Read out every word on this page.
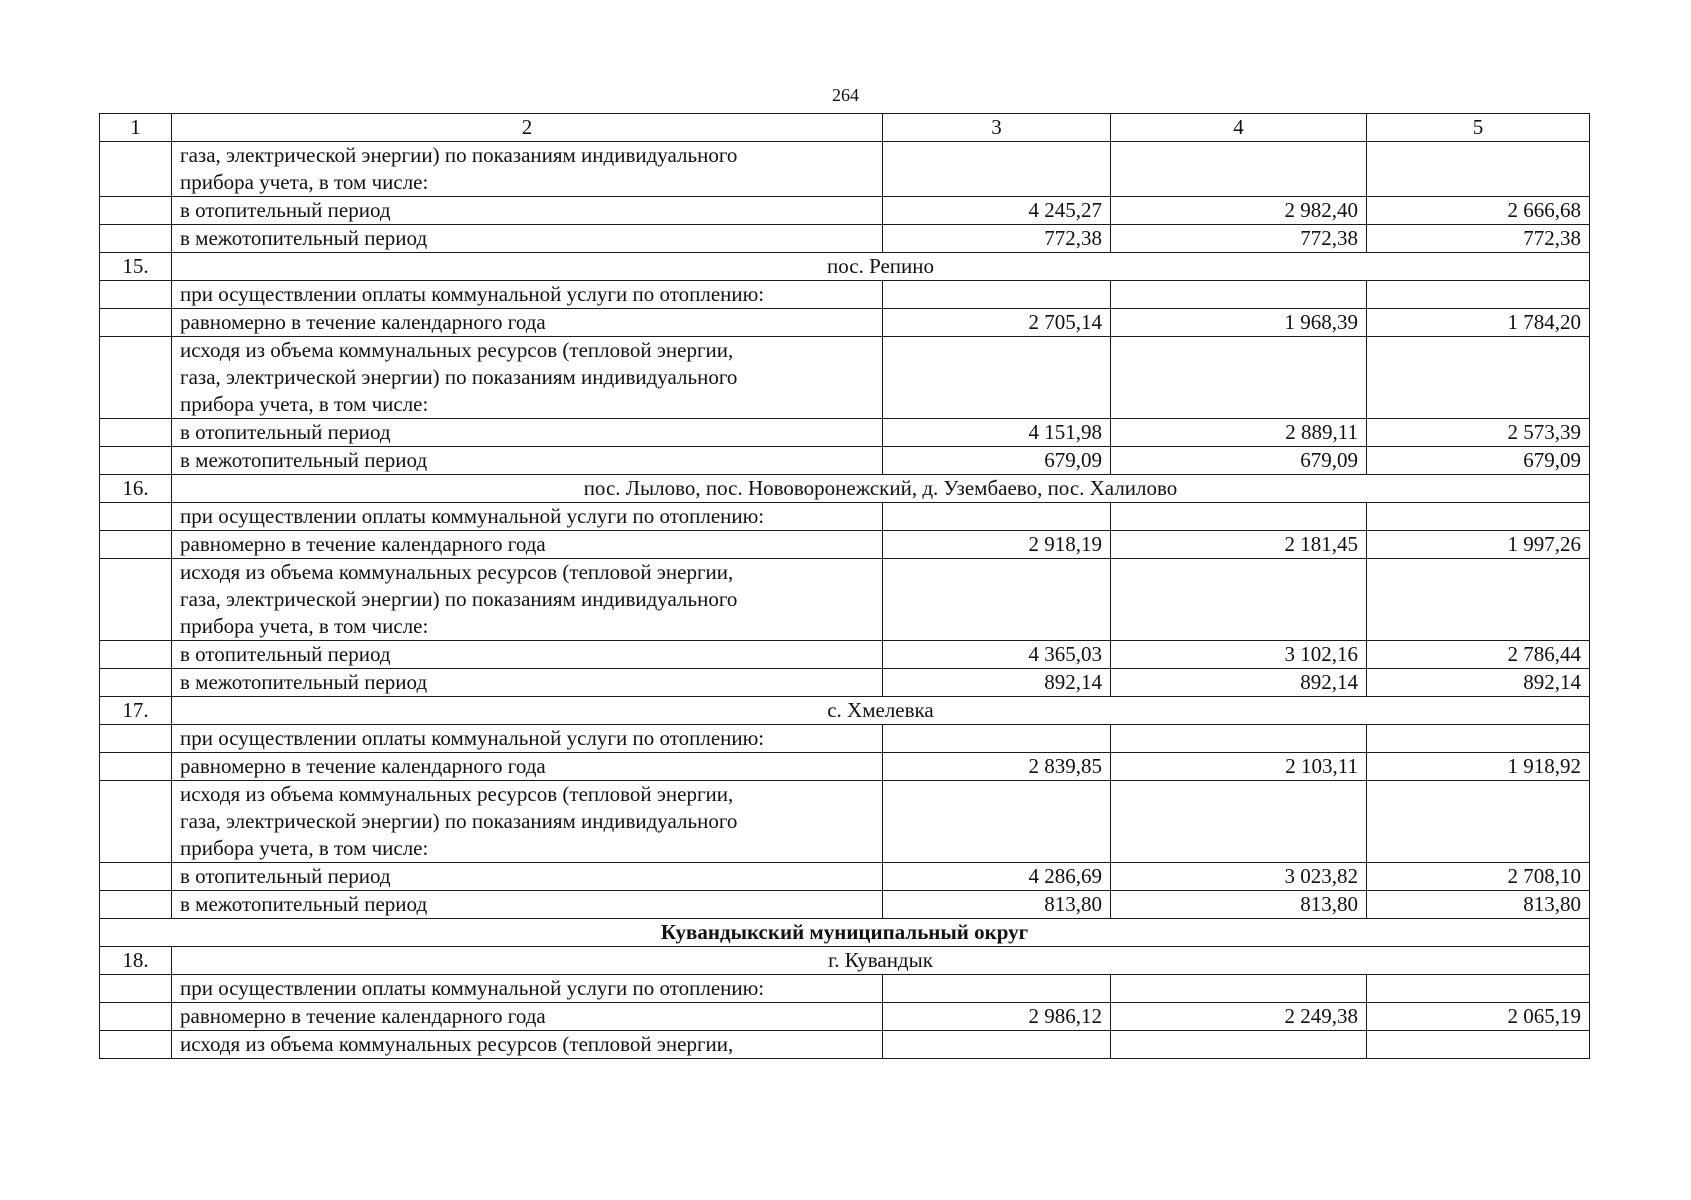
264
1	2	3	4	5

	газа, электрической энергии) по показаниям индивидуального
прибора учета, в том числе:			

	в отопительный период	4 245,27	2 982,40	2 666,68

	в межотопительный период	772,38	772,38	772,38
15.	пос. Репино			

	при осуществлении оплаты коммунальной услуги по отоплению:			

	равномерно в течение календарного года	2 705,14	1 968,39	1 784,20

	исходя из объема коммунальных ресурсов (тепловой энергии,
газа, электрической энергии) по показаниям индивидуального
прибора учета, в том числе:			

	в отопительный период	4 151,98	2 889,11	2 573,39

	в межотопительный период	679,09	679,09	679,09
16.	пос. Лылово, пос. Нововоронежский, д. Узембаево, пос. Халилово			

	при осуществлении оплаты коммунальной услуги по отоплению:			

	равномерно в течение календарного года	2 918,19	2 181,45	1 997,26

	исходя из объема коммунальных ресурсов (тепловой энергии,
газа, электрической энергии) по показаниям индивидуального
прибора учета, в том числе:			

	в отопительный период	4 365,03	3 102,16	2 786,44

	в межотопительный период	892,14	892,14	892,14
17.	с. Хмелевка			

	при осуществлении оплаты коммунальной услуги по отоплению:			

	равномерно в течение календарного года	2 839,85	2 103,11	1 918,92

	исходя из объема коммунальных ресурсов (тепловой энергии,
газа, электрической энергии) по показаниям индивидуального
прибора учета, в том числе:			

	в отопительный период	4 286,69	3 023,82	2 708,10

	в межотопительный период	813,80	813,80	813,80
Кувандыкский муниципальный округ				
18.	г. Кувандык			

	при осуществлении оплаты коммунальной услуги по отоплению:			

	равномерно в течение календарного года	2 986,12	2 249,38	2 065,19

	исходя из объема коммунальных ресурсов (тепловой энергии,			
